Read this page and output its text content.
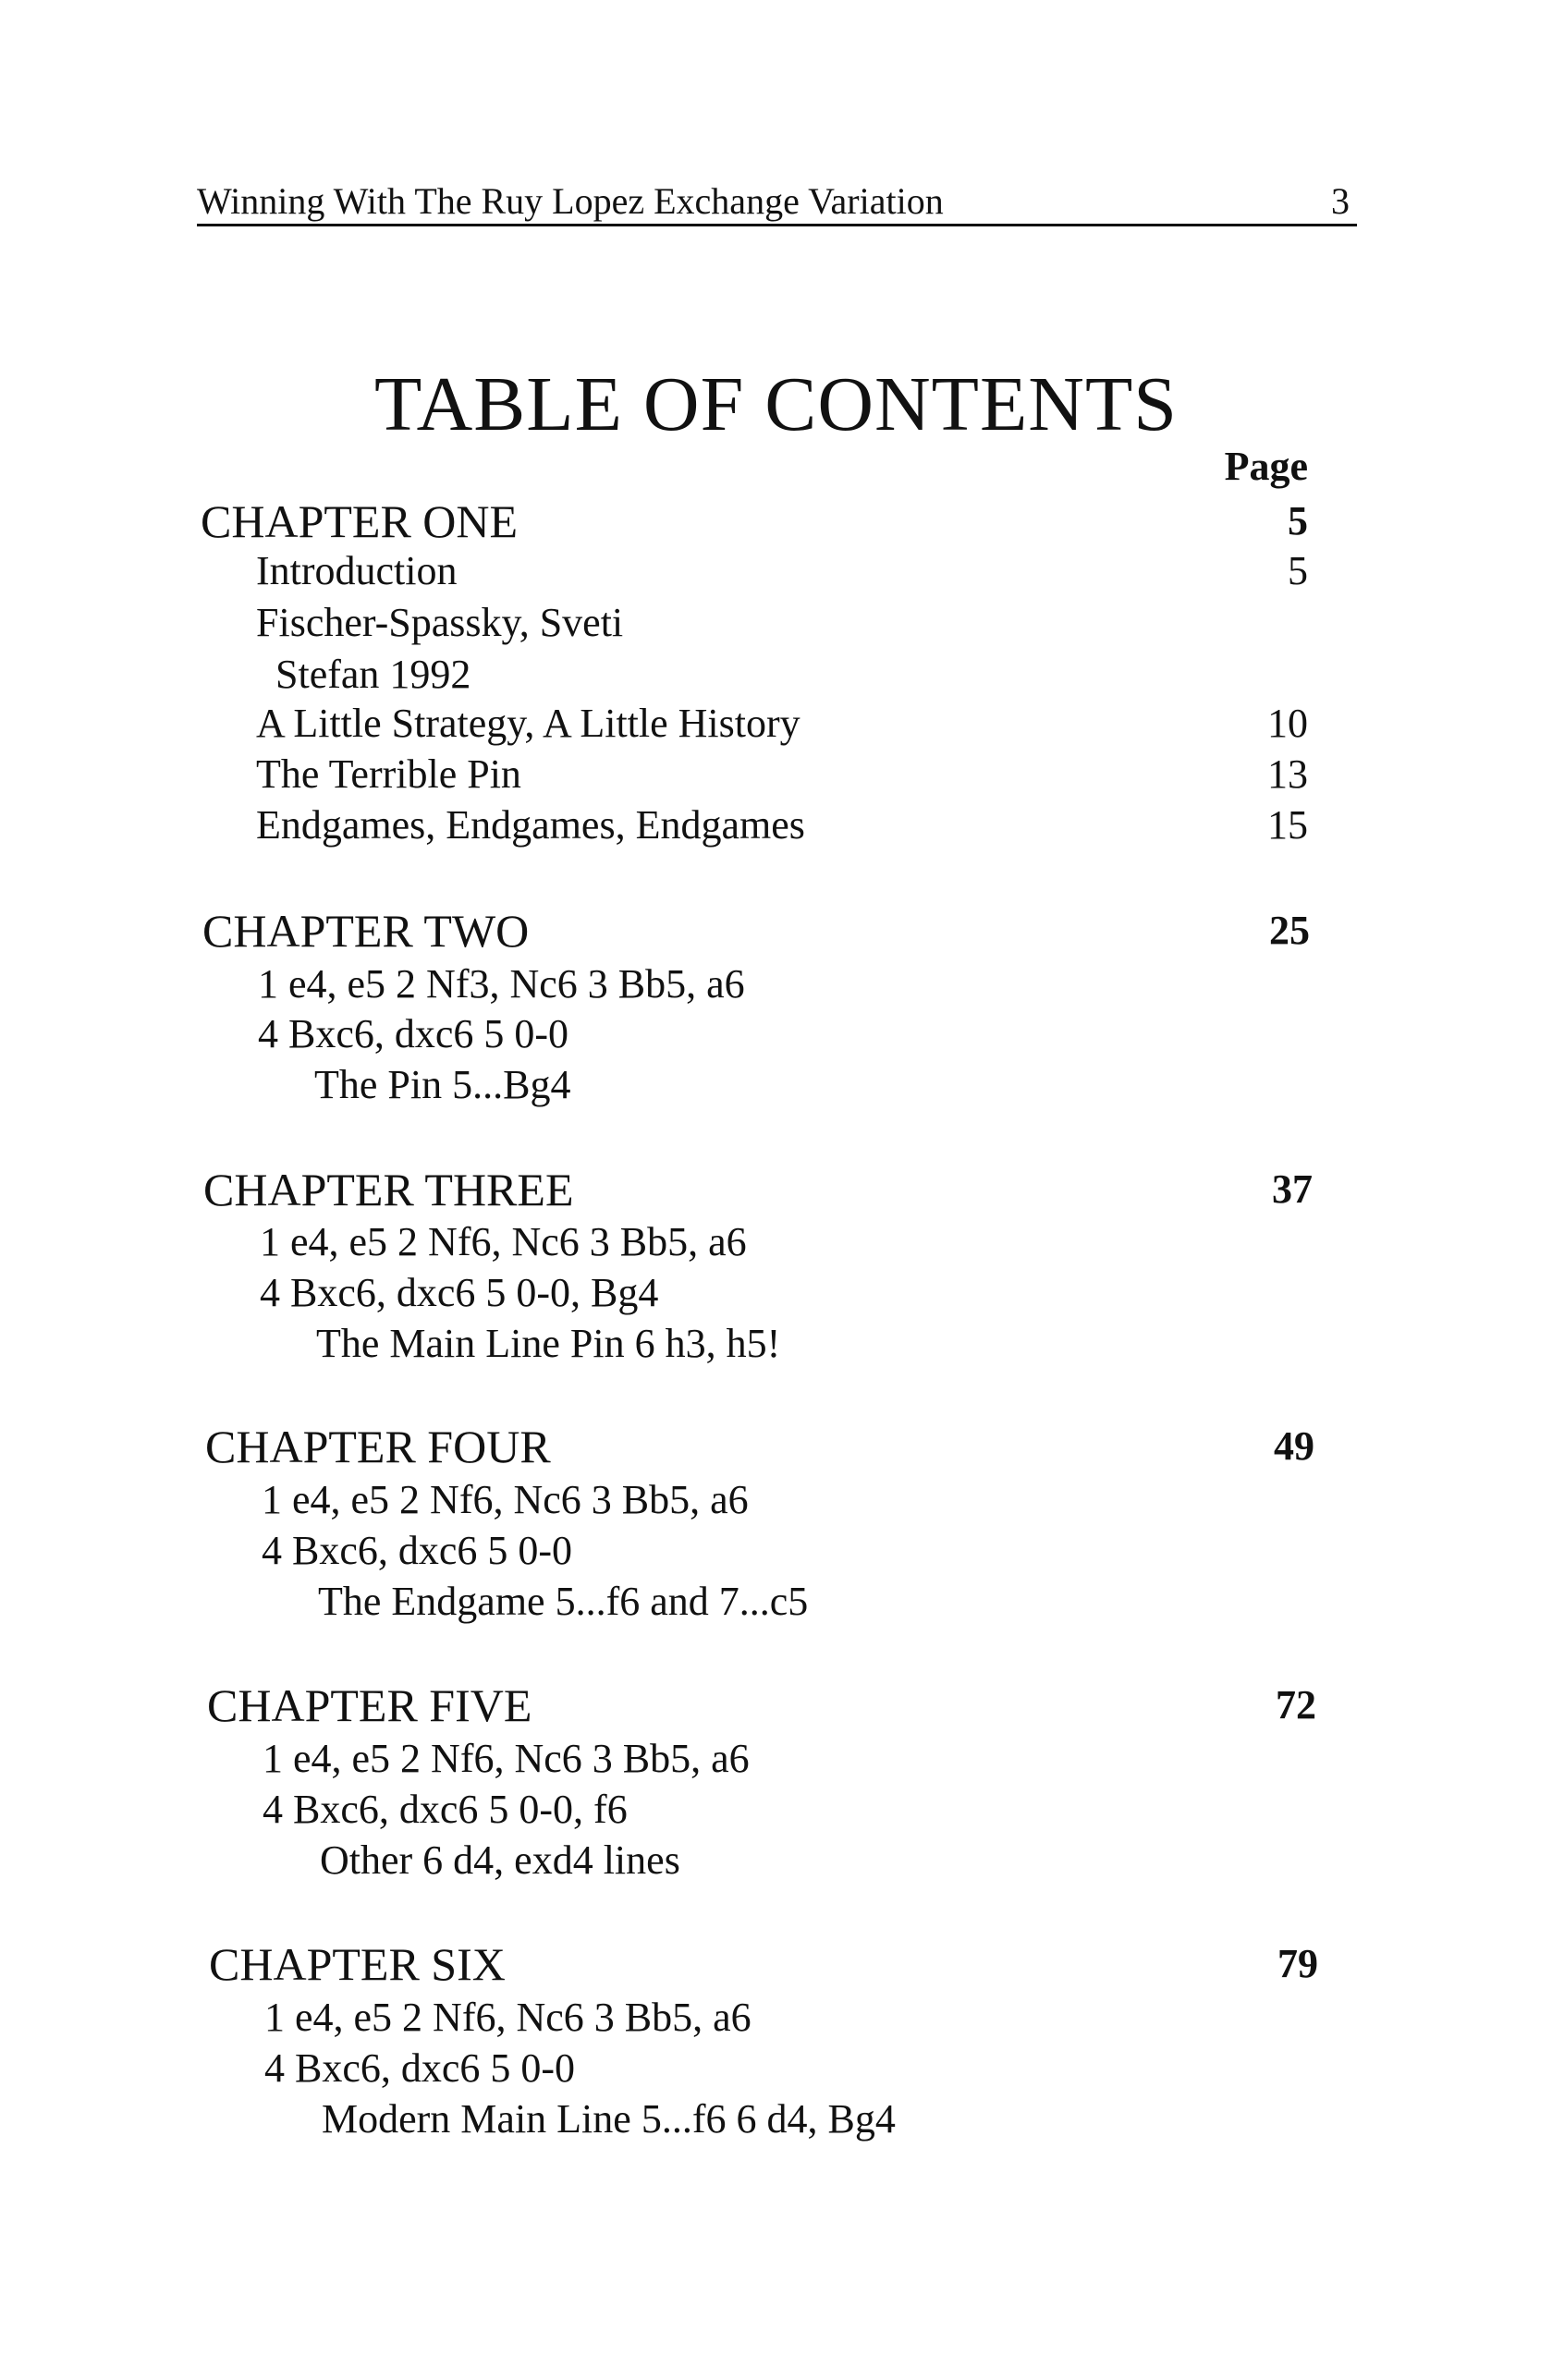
Winning With The Ruy Lopez Exchange Variation	3
TABLE OF CONTENTS
Page
CHAPTER ONE	5
Introduction	5
Fischer-Spassky, Sveti
Stefan 1992
A Little Strategy, A Little History	10
The Terrible Pin	13
Endgames, Endgames, Endgames	15
CHAPTER TWO	25
1 e4, e5 2 Nf3, Nc6 3 Bb5, a6
4 Bxc6, dxc6 5 0-0
The Pin 5...Bg4
CHAPTER THREE	37
1 e4, e5 2 Nf6, Nc6 3 Bb5, a6
4 Bxc6, dxc6 5 0-0, Bg4
The Main Line Pin 6 h3, h5!
CHAPTER FOUR	49
1 e4, e5 2 Nf6, Nc6 3 Bb5, a6
4 Bxc6, dxc6 5 0-0
The Endgame 5...f6 and 7...c5
CHAPTER FIVE	72
1 e4, e5 2 Nf6, Nc6 3 Bb5, a6
4 Bxc6, dxc6 5 0-0, f6
Other 6 d4, exd4 lines
CHAPTER SIX	79
1 e4, e5 2 Nf6, Nc6 3 Bb5, a6
4 Bxc6, dxc6 5 0-0
Modern Main Line 5...f6 6 d4, Bg4
